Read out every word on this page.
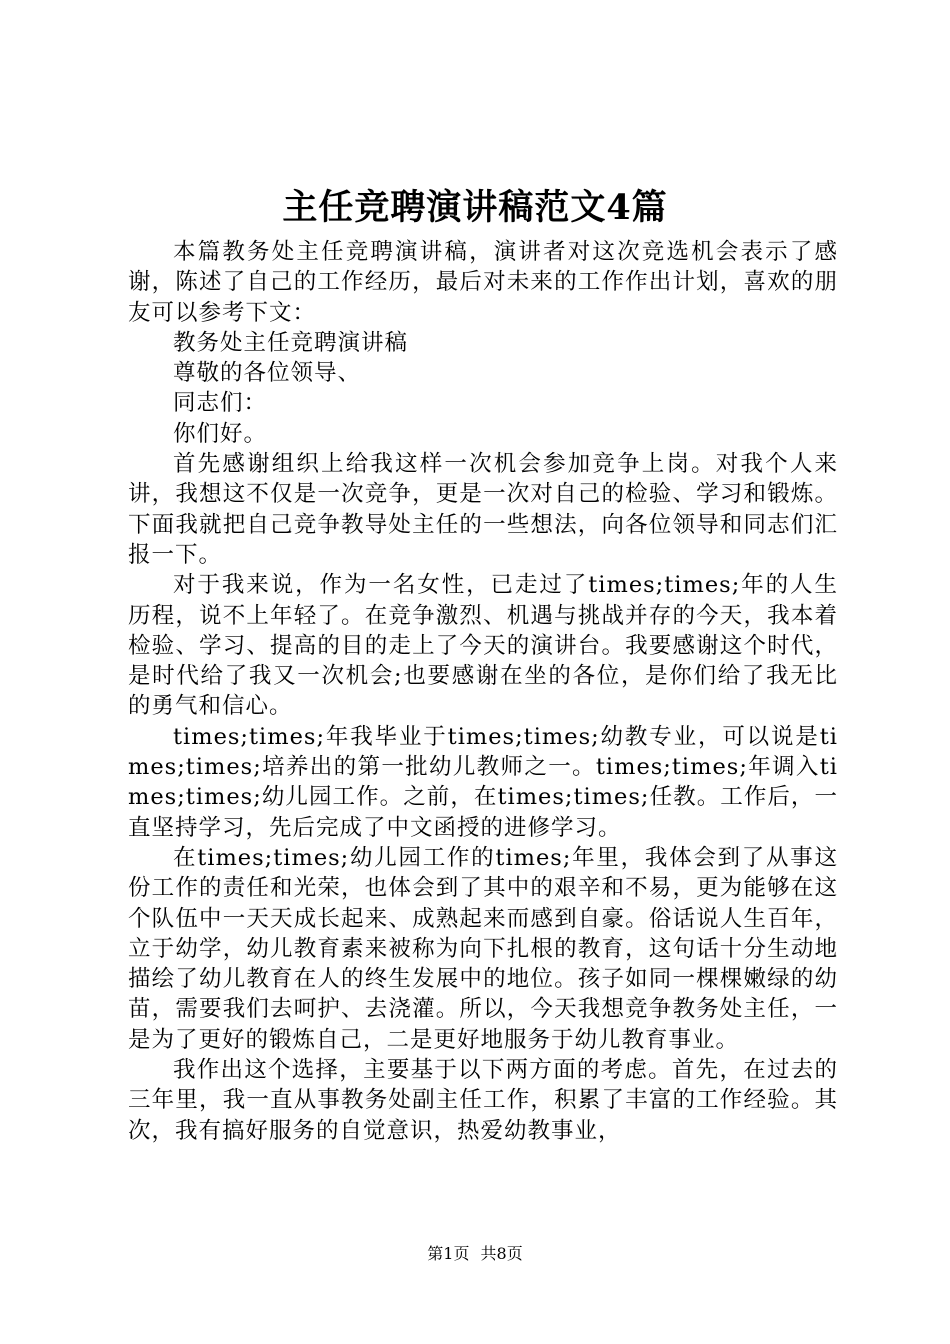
主任竞聘演讲稿范文4篇

本篇教务处主任竞聘演讲稿，演讲者对这次竞选机会表示了感谢，陈述了自己的工作经历，最后对未来的工作作出计划，喜欢的朋友可以参考下文：

教务处主任竞聘演讲稿

尊敬的各位领导、

同志们：

你们好。

首先感谢组织上给我这样一次机会参加竞争上岗。对我个人来讲，我想这不仅是一次竞争，更是一次对自己的检验、学习和锻炼。下面我就把自己竞争教导处主任的一些想法，向各位领导和同志们汇报一下。

对于我来说，作为一名女性，已走过了times;times;年的人生历程，说不上年轻了。在竞争激烈、机遇与挑战并存的今天，我本着检验、学习、提高的目的走上了今天的演讲台。我要感谢这个时代，是时代给了我又一次机会;也要感谢在坐的各位，是你们给了我无比的勇气和信心。

times;times;年我毕业于times;times;幼教专业，可以说是times;times;培养出的第一批幼儿教师之一。times;times;年调入times;times;幼儿园工作。之前，在times;times;任教。工作后，一直坚持学习，先后完成了中文函授的进修学习。

在times;times;幼儿园工作的times;年里，我体会到了从事这份工作的责任和光荣，也体会到了其中的艰辛和不易，更为能够在这个队伍中一天天成长起来、成熟起来而感到自豪。俗话说人生百年，立于幼学，幼儿教育素来被称为向下扎根的教育，这句话十分生动地描绘了幼儿教育在人的终生发展中的地位。孩子如同一棵棵嫩绿的幼苗，需要我们去呵护、去浇灌。所以，今天我想竞争教务处主任，一是为了更好的锻炼自己，二是更好地服务于幼儿教育事业。

我作出这个选择，主要基于以下两方面的考虑。首先，在过去的三年里，我一直从事教务处副主任工作，积累了丰富的工作经验。其次，我有搞好服务的自觉意识，热爱幼教事业，

第1页 共8页
